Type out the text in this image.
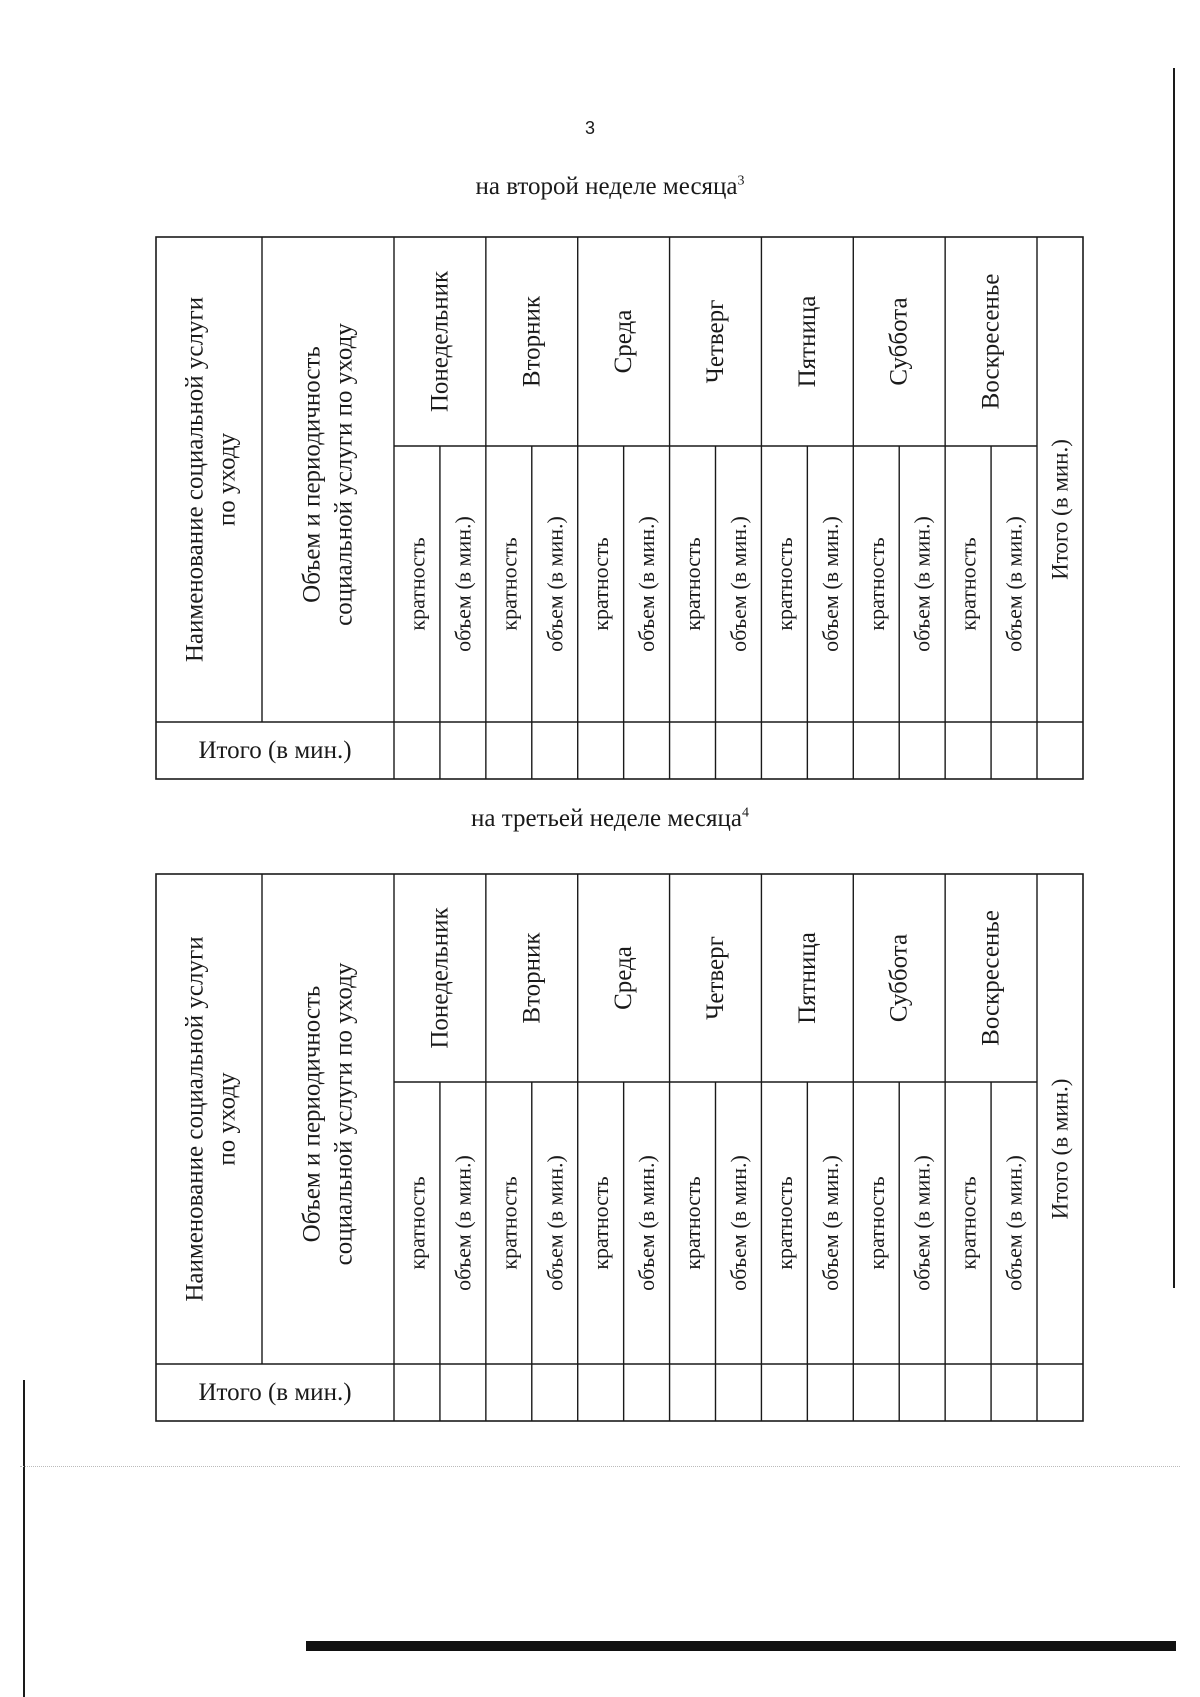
3
на второй неделе месяца$^3$
на третьей неделе месяца$^4$
Наименование социальной услуги по уходу Объем и периодичность социальной услуги по уходу	Понедельник
кратность объем (в мин.)
Вторник
кратность объем (в мин.)
Среда
кратность объем (в мин.)
Четверг
кратность объем (в мин.)
Пятница
кратность объем (в мин.)
Суббота
кратность объем (в мин.)
Воскресенье
кратность объем (в мин.)
Итого (в мин.)
Итого (в мин.)
Наименование социальной услуги по уходу Объем и периодичность социальной услуги по уходу	Понедельник
кратность объем (в мин.)
Вторник
кратность объем (в мин.)
Среда
кратность объем (в мин.)
Четверг
кратность объем (в мин.)
Пятница
кратность объем (в мин.)
Суббота
кратность объем (в мин.)
Воскресенье
кратность объем (в мин.)
Итого (в мин.)
Итого (в мин.)
